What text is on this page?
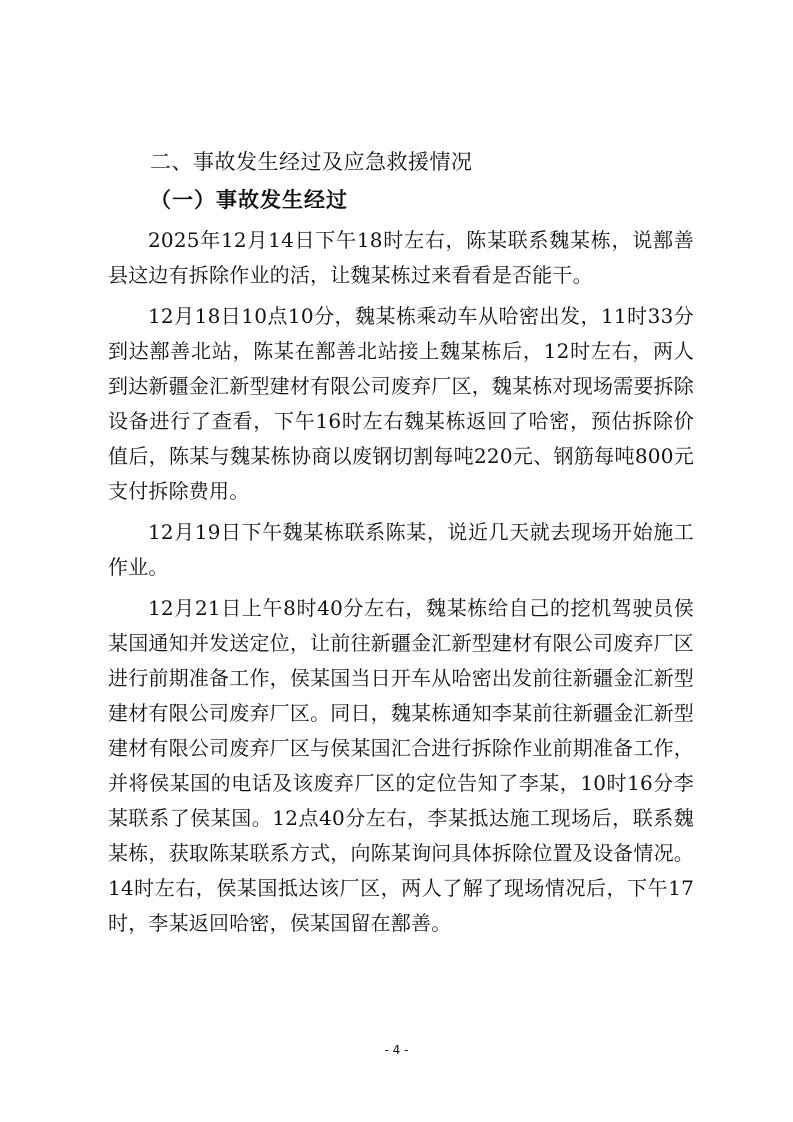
二、事故发生经过及应急救援情况

（一）事故发生经过

2025年12月14日下午18时左右，陈某联系魏某栋，说鄯善县这边有拆除作业的活，让魏某栋过来看看是否能干。

12月18日10点10分，魏某栋乘动车从哈密出发，11时33分到达鄯善北站，陈某在鄯善北站接上魏某栋后，12时左右，两人到达新疆金汇新型建材有限公司废弃厂区，魏某栋对现场需要拆除设备进行了查看，下午16时左右魏某栋返回了哈密，预估拆除价值后，陈某与魏某栋协商以废钢切割每吨220元、钢筋每吨800元支付拆除费用。

12月19日下午魏某栋联系陈某，说近几天就去现场开始施工作业。

12月21日上午8时40分左右，魏某栋给自己的挖机驾驶员侯某国通知并发送定位，让前往新疆金汇新型建材有限公司废弃厂区进行前期准备工作，侯某国当日开车从哈密出发前往新疆金汇新型建材有限公司废弃厂区。同日，魏某栋通知李某前往新疆金汇新型建材有限公司废弃厂区与侯某国汇合进行拆除作业前期准备工作，并将侯某国的电话及该废弃厂区的定位告知了李某，10时16分李某联系了侯某国。12点40分左右，李某抵达施工现场后，联系魏某栋，获取陈某联系方式，向陈某询问具体拆除位置及设备情况。14时左右，侯某国抵达该厂区，两人了解了现场情况后，下午17时，李某返回哈密，侯某国留在鄯善。

- 4 -
